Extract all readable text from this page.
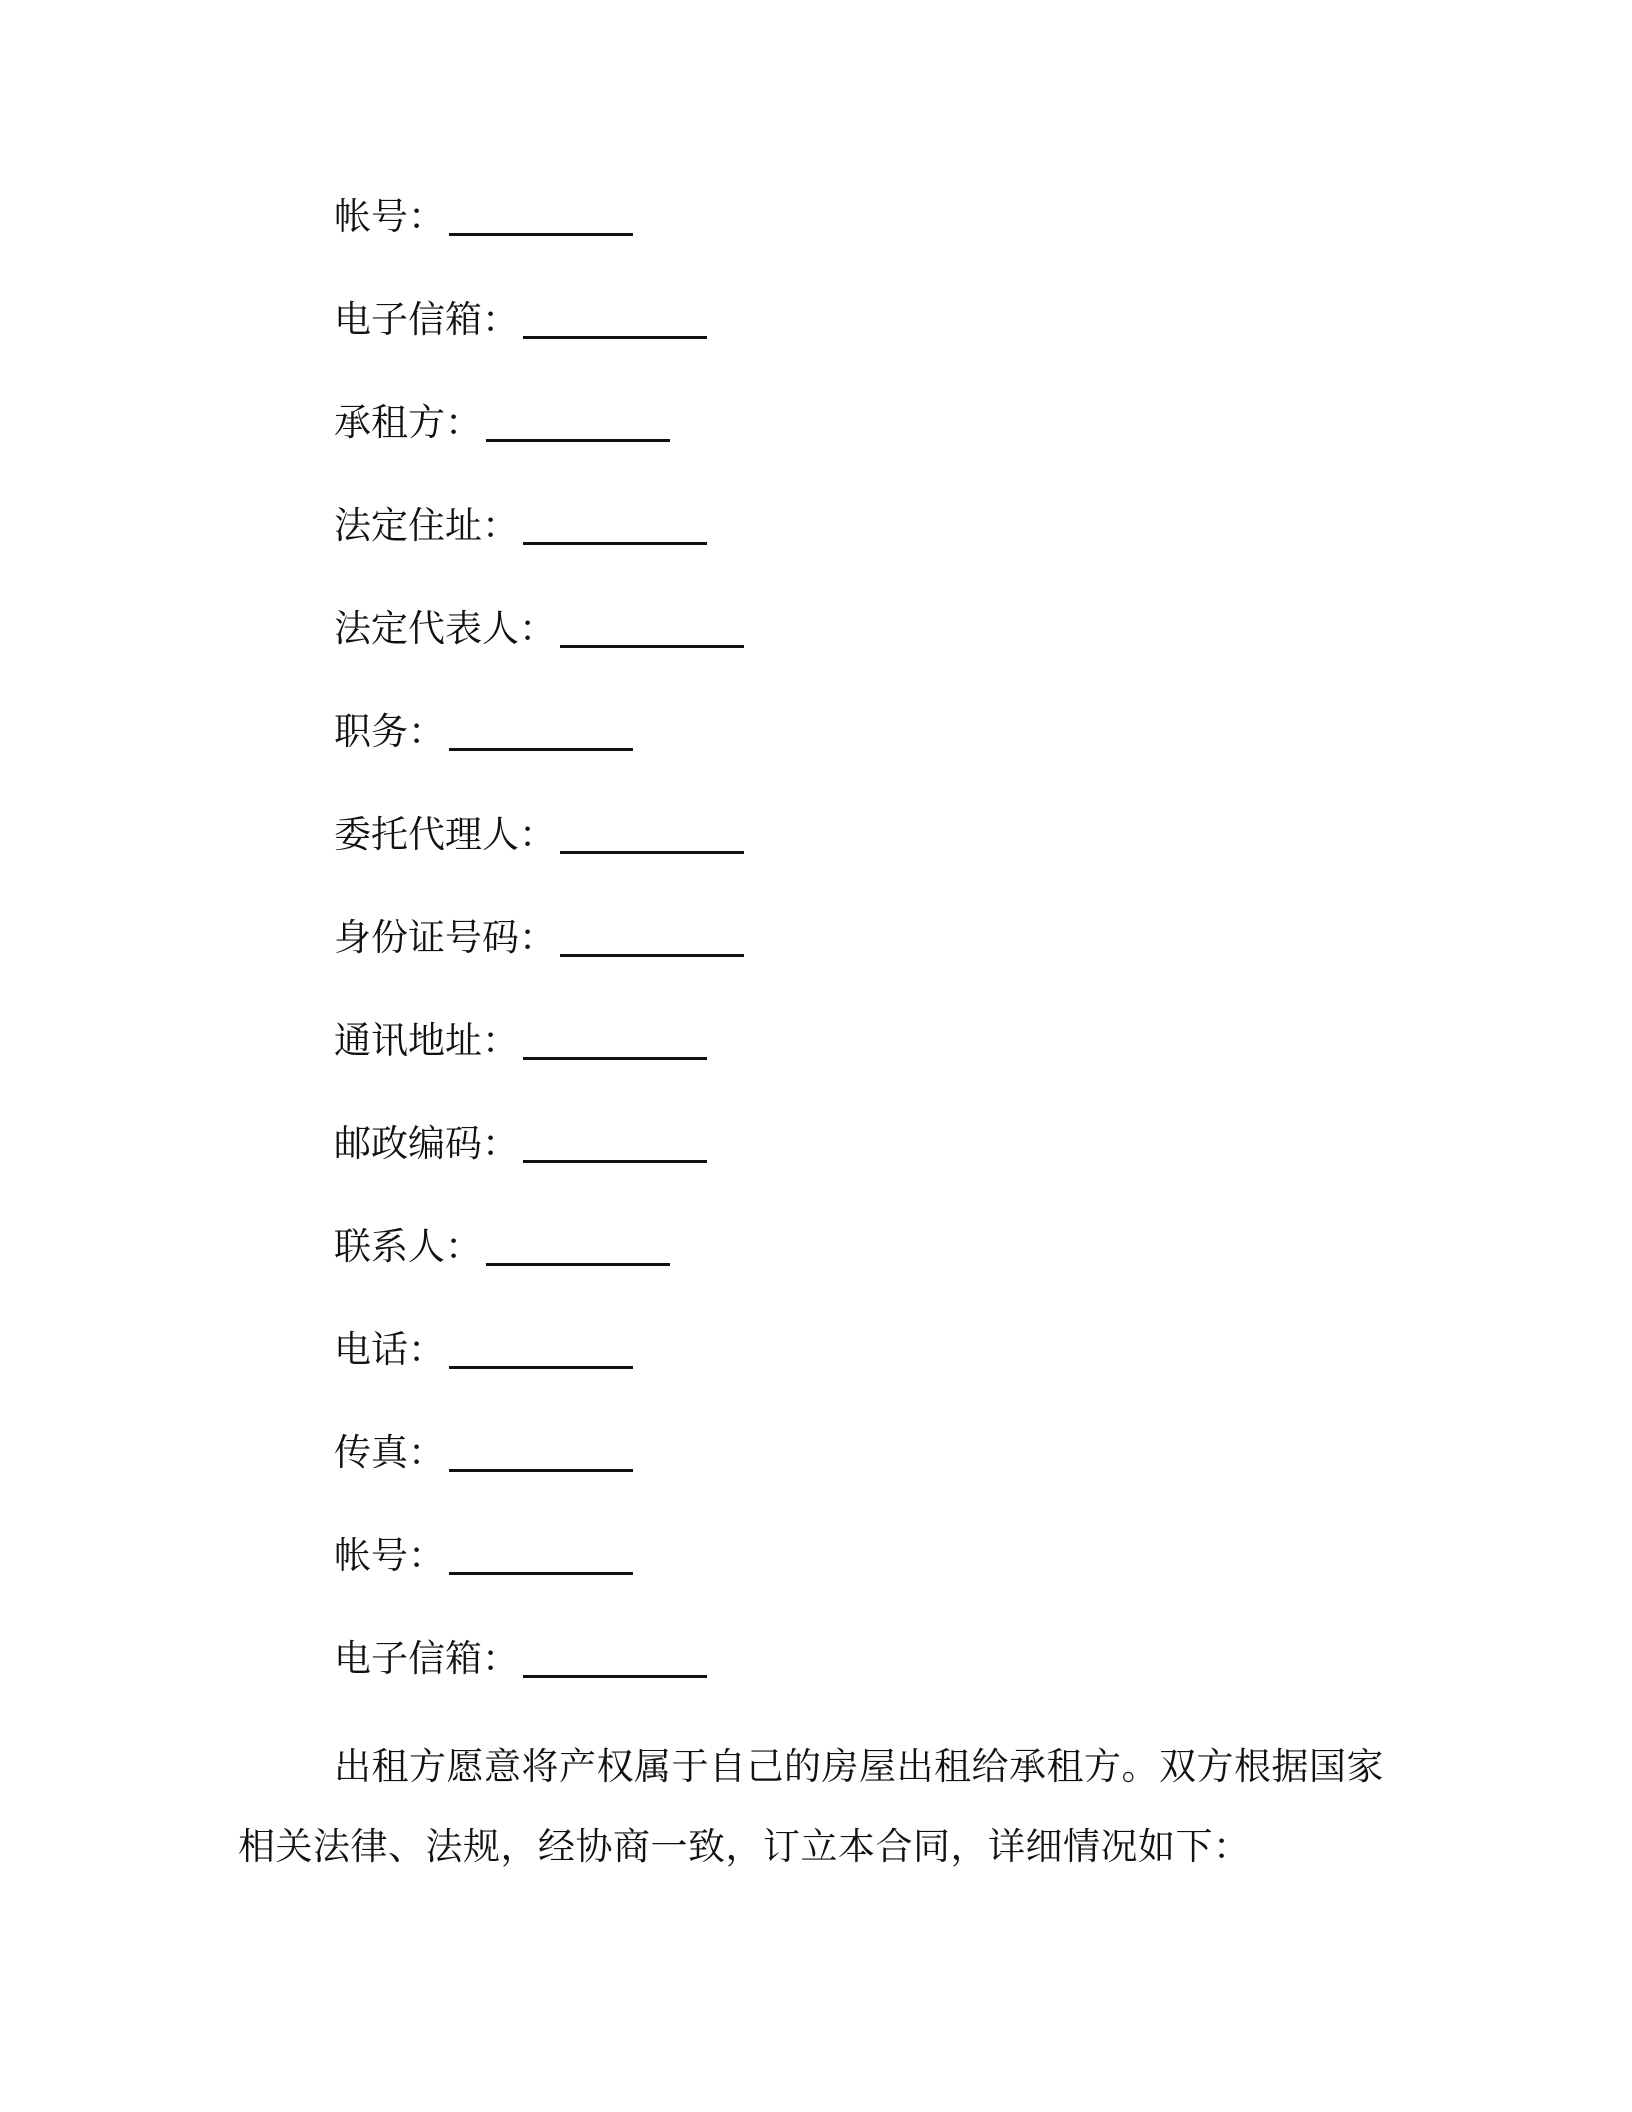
帐号：
电子信箱：
承租方：
法定住址：
法定代表人：
职务：
委托代理人：
身份证号码：
通讯地址：
邮政编码：
联系人：
电话：
传真：
帐号：
电子信箱：
出租方愿意将产权属于自己的房屋出租给承租方。双方根据国家
相关法律、法规，经协商一致，订立本合同，详细情况如下：
